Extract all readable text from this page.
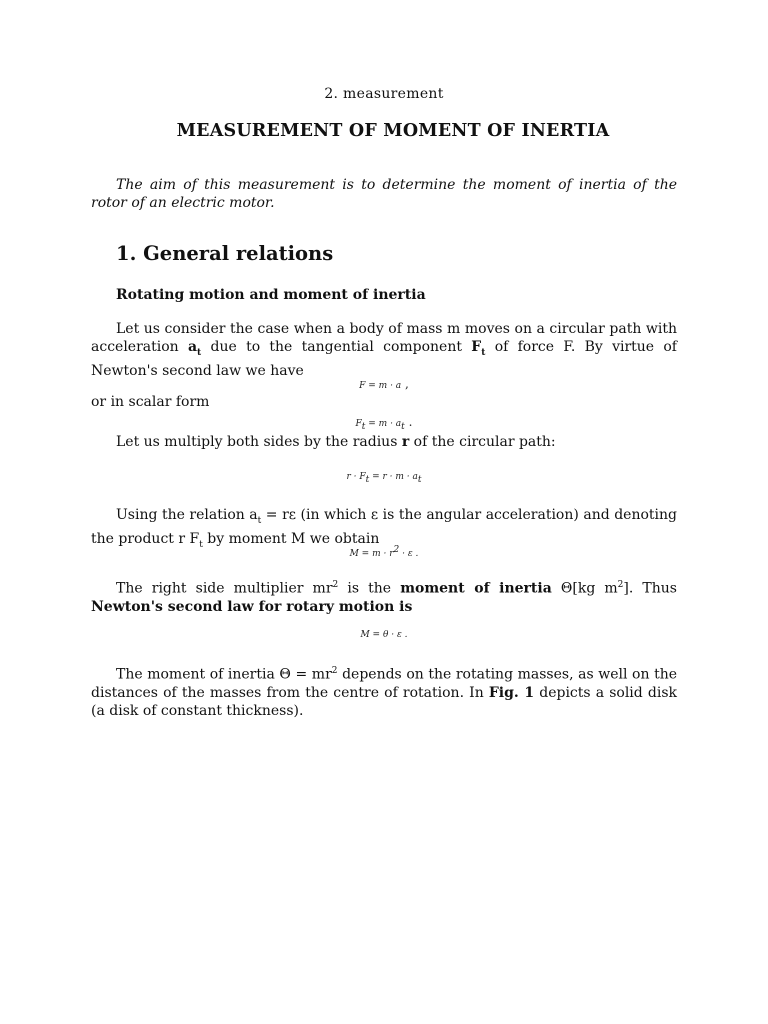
2. measurement
MEASUREMENT OF MOMENT OF INERTIA

The aim of this measurement is to determine the moment of inertia of the rotor of an electric motor.

1. General relations
Rotating motion and moment of inertia

Let us consider the case when a body of mass m moves on a circular path with acceleration $a_t$ due to the tangential component $F_t$ of force F. By virtue of Newton's second law we have

F = m · a ,

or in scalar form

$F_t = m \cdot a_t$ .

Let us multiply both sides by the radius r of the circular path:

$r \cdot F_t = r \cdot m \cdot a_t$

Using the relation $a_t = r\varepsilon$ (in which ε is the angular acceleration) and denoting the product r $F_t$ by moment M we obtain

$M = m \cdot r^2 \cdot \varepsilon$ .

The right side multiplier $mr^2$ is the moment of inertia Θ[kg $m^2$]. Thus Newton's second law for rotary motion is

M = θ · ε .

The moment of inertia $\Theta = mr^2$ depends on the rotating masses, as well on the distances of the masses from the centre of rotation. In Fig. 1 depicts a solid disk (a disk of constant thickness).
